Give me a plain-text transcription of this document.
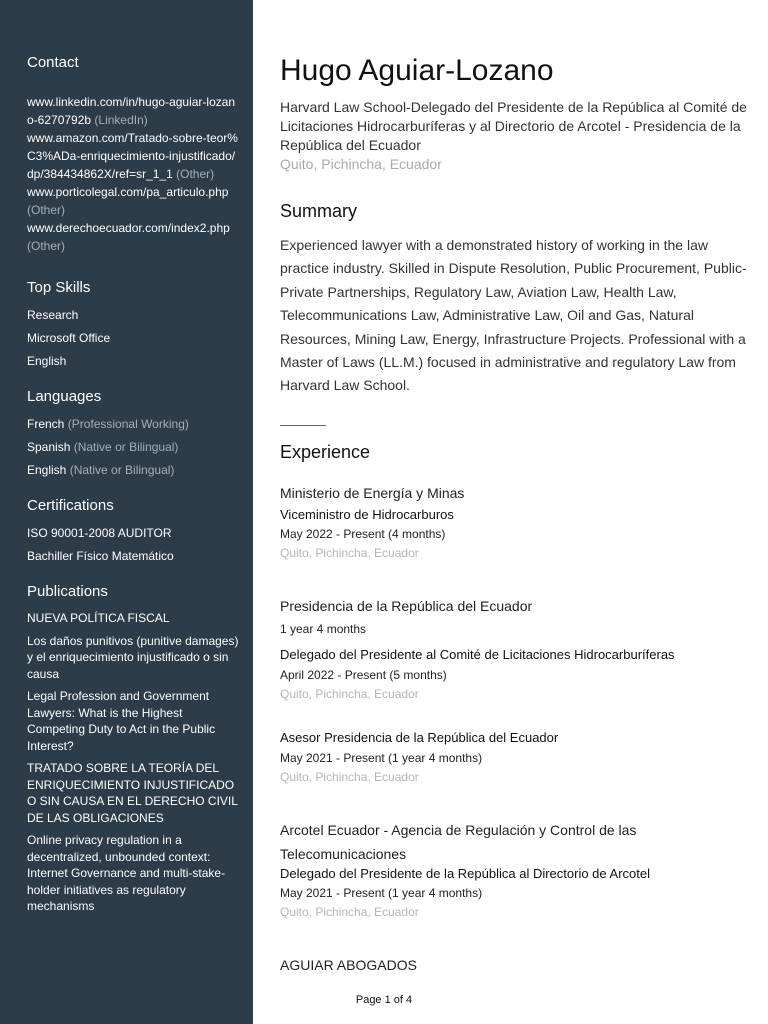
Contact
www.linkedin.com/in/hugo-aguiar-lozano-6270792b (LinkedIn)
www.amazon.com/Tratado-sobre-teor%C3%ADa-enriquecimiento-injustificado/dp/384434862X/ref=sr_1_1 (Other)
www.porticolegal.com/pa_articulo.php (Other)
www.derechoecuador.com/index2.php (Other)
Top Skills
Research
Microsoft Office
English
Languages
French (Professional Working)
Spanish (Native or Bilingual)
English (Native or Bilingual)
Certifications
ISO 90001-2008 AUDITOR
Bachiller Físico Matemático
Publications
NUEVA POLÍTICA FISCAL
Los daños punitivos (punitive damages) y el enriquecimiento injustificado o sin causa
Legal Profession and Government Lawyers: What is the Highest Competing Duty to Act in the Public Interest?
TRATADO SOBRE LA TEORÍA DEL ENRIQUECIMIENTO INJUSTIFICADO O SIN CAUSA EN EL DERECHO CIVIL DE LAS OBLIGACIONES
Online privacy regulation in a decentralized, unbounded context: Internet Governance and multi-stake-holder initiatives as regulatory mechanisms
Hugo Aguiar-Lozano
Harvard Law School-Delegado del Presidente de la República al Comité de Licitaciones Hidrocarburíferas y al Directorio de Arcotel - Presidencia de la República del Ecuador
Quito, Pichincha, Ecuador
Summary
Experienced lawyer with a demonstrated history of working in the law practice industry. Skilled in Dispute Resolution, Public Procurement, Public-Private Partnerships, Regulatory Law, Aviation Law, Health Law, Telecommunications Law, Administrative Law, Oil and Gas, Natural Resources, Mining Law, Energy, Infrastructure Projects. Professional with a Master of Laws (LL.M.) focused in administrative and regulatory Law from Harvard Law School.
Experience
Ministerio de Energía y Minas
Viceministro de Hidrocarburos
May 2022 - Present (4 months)
Quito, Pichincha, Ecuador
Presidencia de la República del Ecuador
1 year 4 months
Delegado del Presidente al Comité de Licitaciones Hidrocarburíferas
April 2022 - Present (5 months)
Quito, Pichincha, Ecuador
Asesor Presidencia de la República del Ecuador
May 2021 - Present (1 year 4 months)
Quito, Pichincha, Ecuador
Arcotel Ecuador - Agencia de Regulación y Control de las Telecomunicaciones
Delegado del Presidente de la República al Directorio de Arcotel
May 2021 - Present (1 year 4 months)
Quito, Pichincha, Ecuador
AGUIAR ABOGADOS
Page 1 of 4
